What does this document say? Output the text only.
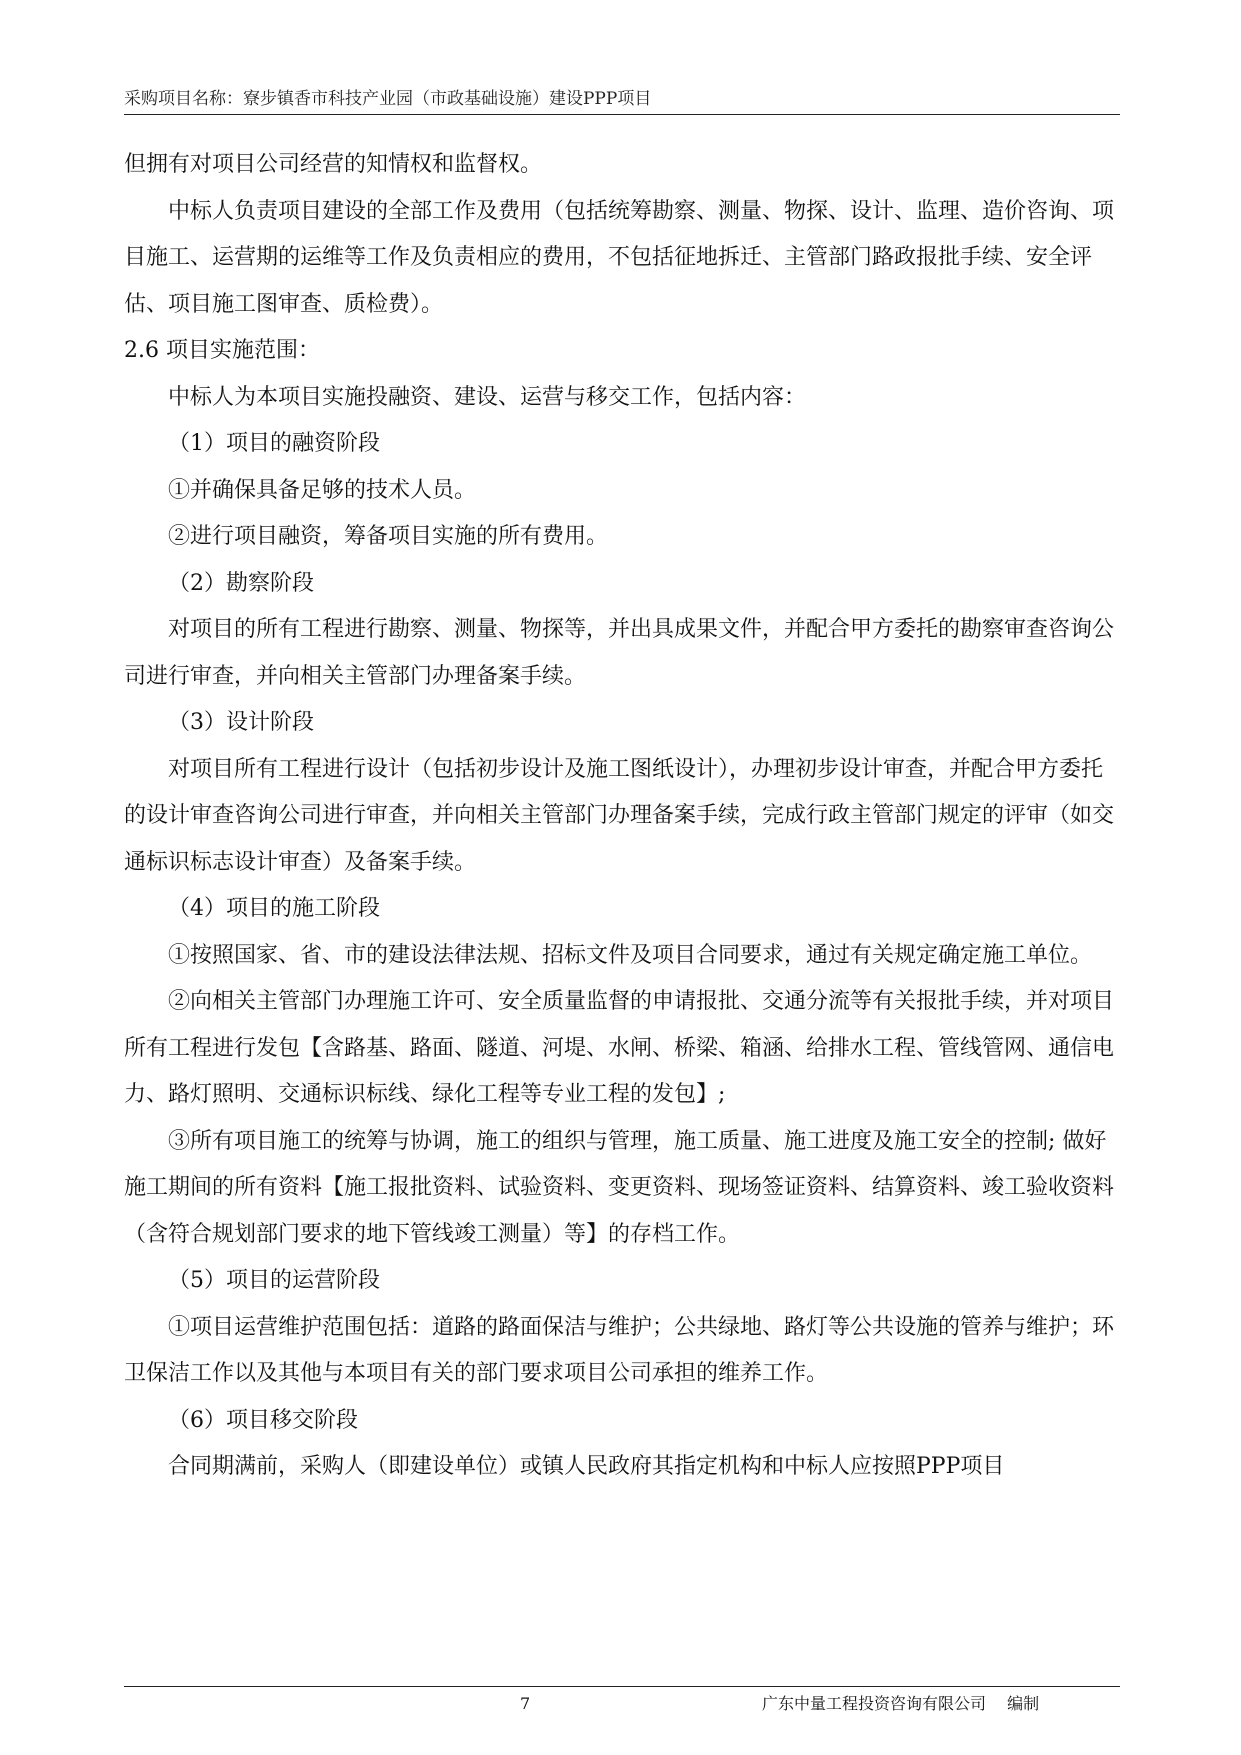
采购项目名称：寮步镇香市科技产业园（市政基础设施）建设PPP项目

但拥有对项目公司经营的知情权和监督权。

中标人负责项目建设的全部工作及费用（包括统筹勘察、测量、物探、设计、监理、造价咨询、项目施工、运营期的运维等工作及负责相应的费用，不包括征地拆迁、主管部门路政报批手续、安全评估、项目施工图审查、质检费）。

2.6 项目实施范围：

中标人为本项目实施投融资、建设、运营与移交工作，包括内容：

（1）项目的融资阶段

①并确保具备足够的技术人员。

②进行项目融资，筹备项目实施的所有费用。

（2）勘察阶段

对项目的所有工程进行勘察、测量、物探等，并出具成果文件，并配合甲方委托的勘察审查咨询公司进行审查，并向相关主管部门办理备案手续。

（3）设计阶段

对项目所有工程进行设计（包括初步设计及施工图纸设计），办理初步设计审查，并配合甲方委托的设计审查咨询公司进行审查，并向相关主管部门办理备案手续，完成行政主管部门规定的评审（如交通标识标志设计审查）及备案手续。

（4）项目的施工阶段

①按照国家、省、市的建设法律法规、招标文件及项目合同要求，通过有关规定确定施工单位。

②向相关主管部门办理施工许可、安全质量监督的申请报批、交通分流等有关报批手续，并对项目所有工程进行发包【含路基、路面、隧道、河堤、水闸、桥梁、箱涵、给排水工程、管线管网、通信电力、路灯照明、交通标识标线、绿化工程等专业工程的发包】;

③所有项目施工的统筹与协调，施工的组织与管理，施工质量、施工进度及施工安全的控制; 做好施工期间的所有资料【施工报批资料、试验资料、变更资料、现场签证资料、结算资料、竣工验收资料（含符合规划部门要求的地下管线竣工测量）等】的存档工作。

（5）项目的运营阶段

①项目运营维护范围包括：道路的路面保洁与维护；公共绿地、路灯等公共设施的管养与维护；环卫保洁工作以及其他与本项目有关的部门要求项目公司承担的维养工作。

（6）项目移交阶段

合同期满前，采购人（即建设单位）或镇人民政府其指定机构和中标人应按照PPP项目

7	广东中量工程投资咨询有限公司　 编制
